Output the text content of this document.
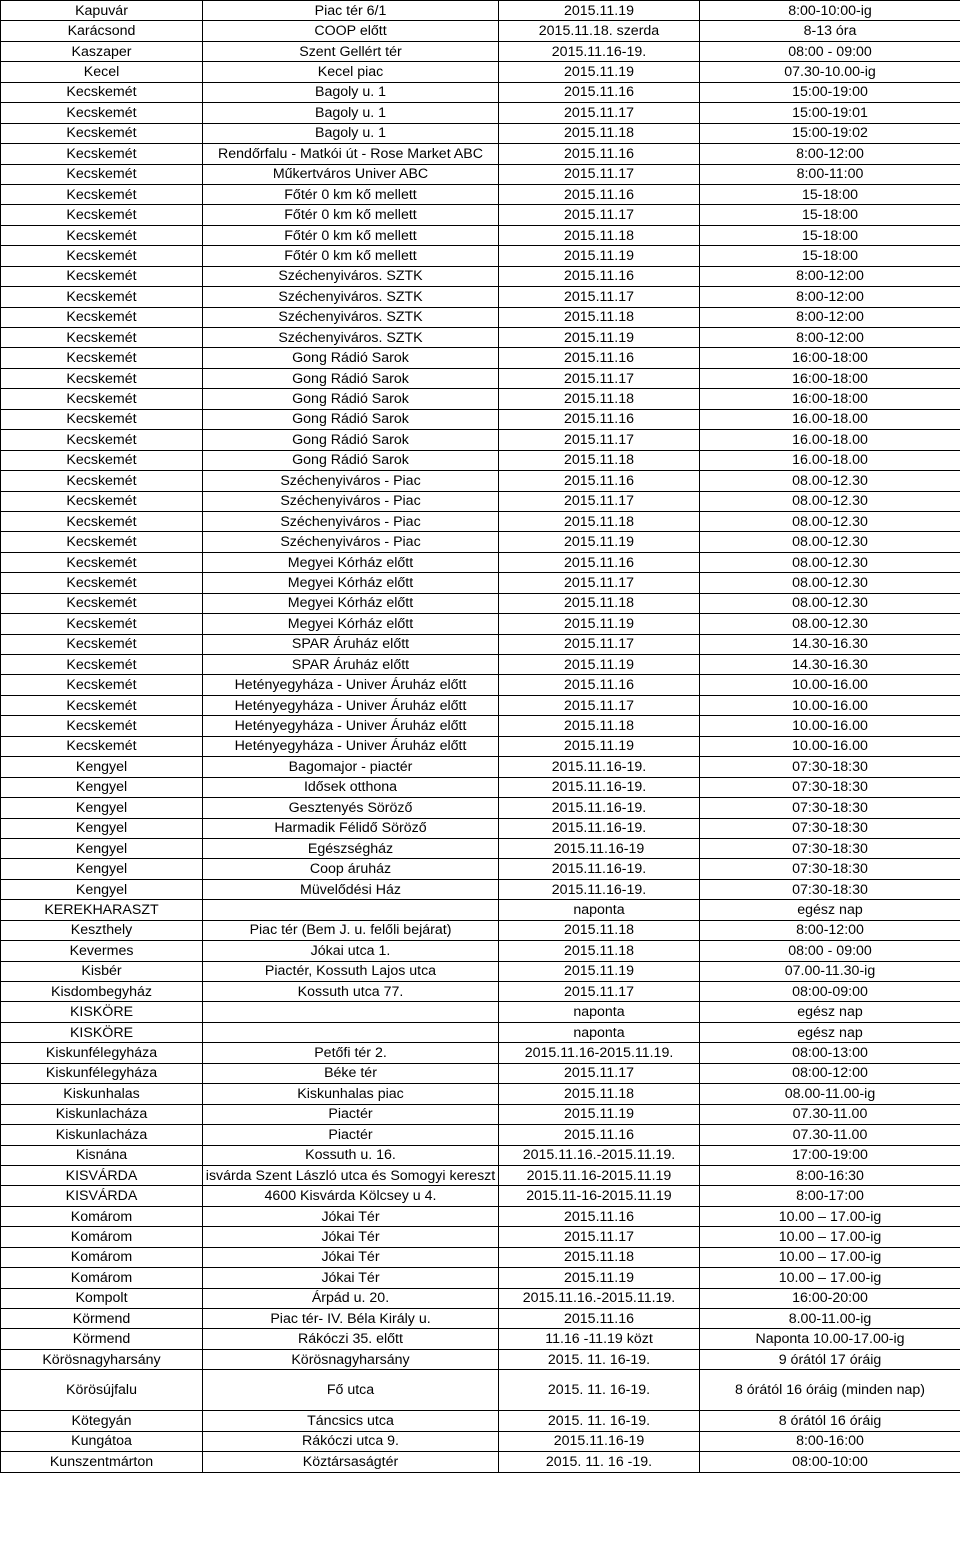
Kapuvár	Piac tér 6/1	2015.11.19	8:00-10:00-ig
Karácsond	COOP előtt	2015.11.18. szerda	8-13 óra
Kaszaper	Szent Gellért tér	2015.11.16-19.	08:00 - 09:00
Kecel	Kecel piac	2015.11.19	07.30-10.00-ig
Kecskemét	Bagoly u. 1	2015.11.16	15:00-19:00
Kecskemét	Bagoly u. 1	2015.11.17	15:00-19:01
Kecskemét	Bagoly u. 1	2015.11.18	15:00-19:02
Kecskemét	Rendőrfalu - Matkói út - Rose Market ABC	2015.11.16	8:00-12:00
Kecskemét	Műkertváros Univer ABC	2015.11.17	8:00-11:00
Kecskemét	Főtér 0 km kő mellett	2015.11.16	15-18:00
Kecskemét	Főtér 0 km kő mellett	2015.11.17	15-18:00
Kecskemét	Főtér 0 km kő mellett	2015.11.18	15-18:00
Kecskemét	Főtér 0 km kő mellett	2015.11.19	15-18:00
Kecskemét	Széchenyiváros. SZTK	2015.11.16	8:00-12:00
Kecskemét	Széchenyiváros. SZTK	2015.11.17	8:00-12:00
Kecskemét	Széchenyiváros. SZTK	2015.11.18	8:00-12:00
Kecskemét	Széchenyiváros. SZTK	2015.11.19	8:00-12:00
Kecskemét	Gong Rádió Sarok	2015.11.16	16:00-18:00
Kecskemét	Gong Rádió Sarok	2015.11.17	16:00-18:00
Kecskemét	Gong Rádió Sarok	2015.11.18	16:00-18:00
Kecskemét	Gong Rádió Sarok	2015.11.16	16.00-18.00
Kecskemét	Gong Rádió Sarok	2015.11.17	16.00-18.00
Kecskemét	Gong Rádió Sarok	2015.11.18	16.00-18.00
Kecskemét	Széchenyiváros - Piac	2015.11.16	08.00-12.30
Kecskemét	Széchenyiváros - Piac	2015.11.17	08.00-12.30
Kecskemét	Széchenyiváros - Piac	2015.11.18	08.00-12.30
Kecskemét	Széchenyiváros - Piac	2015.11.19	08.00-12.30
Kecskemét	Megyei Kórház előtt	2015.11.16	08.00-12.30
Kecskemét	Megyei Kórház előtt	2015.11.17	08.00-12.30
Kecskemét	Megyei Kórház előtt	2015.11.18	08.00-12.30
Kecskemét	Megyei Kórház előtt	2015.11.19	08.00-12.30
Kecskemét	SPAR Áruház előtt	2015.11.17	14.30-16.30
Kecskemét	SPAR Áruház előtt	2015.11.19	14.30-16.30
Kecskemét	Hetényegyháza - Univer Áruház előtt	2015.11.16	10.00-16.00
Kecskemét	Hetényegyháza - Univer Áruház előtt	2015.11.17	10.00-16.00
Kecskemét	Hetényegyháza - Univer Áruház előtt	2015.11.18	10.00-16.00
Kecskemét	Hetényegyháza - Univer Áruház előtt	2015.11.19	10.00-16.00
Kengyel	Bagomajor - piactér	2015.11.16-19.	07:30-18:30
Kengyel	Idősek otthona	2015.11.16-19.	07:30-18:30
Kengyel	Gesztenyés Söröző	2015.11.16-19.	07:30-18:30
Kengyel	Harmadik Félidő Söröző	2015.11.16-19.	07:30-18:30
Kengyel	Egészségház	2015.11.16-19	07:30-18:30
Kengyel	Coop áruház	2015.11.16-19.	07:30-18:30
Kengyel	Müvelődési Ház	2015.11.16-19.	07:30-18:30
KEREKHARASZT		naponta	egész nap
Keszthely	Piac tér (Bem J. u. felőli bejárat)	2015.11.18	8:00-12:00
Kevermes	Jókai utca 1.	2015.11.18	08:00 - 09:00
Kisbér	Piactér, Kossuth Lajos utca	2015.11.19	07.00-11.30-ig
Kisdombegyház	Kossuth utca 77.	2015.11.17	08:00-09:00
KISKÖRE		naponta	egész nap
KISKÖRE		naponta	egész nap
Kiskunfélegyháza	Petőfi tér 2.	2015.11.16-2015.11.19.	08:00-13:00
Kiskunfélegyháza	Béke tér	2015.11.17	08:00-12:00
Kiskunhalas	Kiskunhalas piac	2015.11.18	08.00-11.00-ig
Kiskunlacháza	Piactér	2015.11.19	07.30-11.00
Kiskunlacháza	Piactér	2015.11.16	07.30-11.00
Kisnána	Kossuth u. 16.	2015.11.16.-2015.11.19.	17:00-19:00
KISVÁRDA	isvárda Szent László utca és Somogyi kereszt	2015.11.16-2015.11.19	8:00-16:30
KISVÁRDA	4600 Kisvárda Kölcsey u 4.	2015.11-16-2015.11.19	8:00-17:00
Komárom	Jókai Tér	2015.11.16	10.00 – 17.00-ig
Komárom	Jókai Tér	2015.11.17	10.00 – 17.00-ig
Komárom	Jókai Tér	2015.11.18	10.00 – 17.00-ig
Komárom	Jókai Tér	2015.11.19	10.00 – 17.00-ig
Kompolt	Árpád u. 20.	2015.11.16.-2015.11.19.	16:00-20:00
Körmend	Piac tér- IV. Béla Király u.	2015.11.16	8.00-11.00-ig
Körmend	Rákóczi 35. előtt	11.16 -11.19 közt	Naponta 10.00-17.00-ig
Körösnagyharsány	Körösnagyharsány	2015. 11. 16-19.	9 órától 17 óráig
Körösújfalu	Fő utca	2015. 11. 16-19.	8 órától 16 óráig (minden nap)
Kötegyán	Táncsics utca	2015. 11. 16-19.	8 órától 16 óráig
Kungátoa	Rákóczi utca 9.	2015.11.16-19	8:00-16:00
Kunszentmárton	Köztársaságtér	2015. 11. 16 -19.	08:00-10:00
